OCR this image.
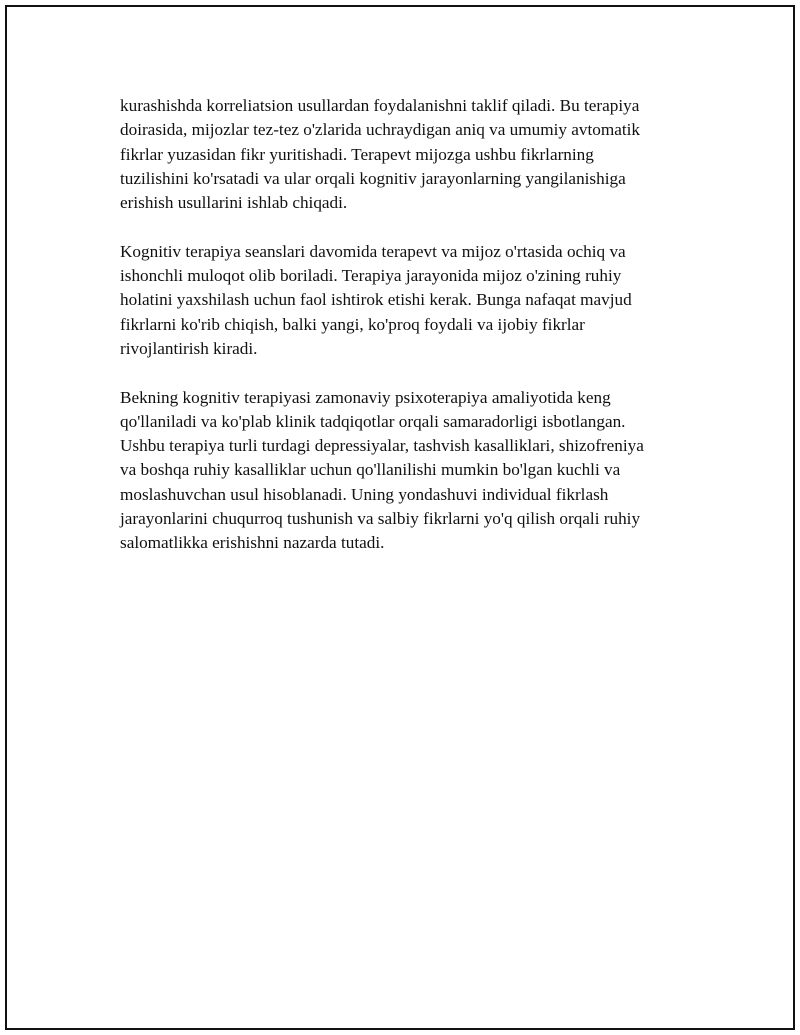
kurashishda korreliatsion usullardan foydalanishni taklif qiladi. Bu terapiya
doirasida, mijozlar tez-tez o'zlarida uchraydigan aniq va umumiy avtomatik
fikrlar yuzasidan fikr yuritishadi. Terapevt mijozga ushbu fikrlarning
tuzilishini ko'rsatadi va ular orqali kognitiv jarayonlarning yangilanishiga
erishish usullarini ishlab chiqadi.

Kognitiv terapiya seanslari davomida terapevt va mijoz o'rtasida ochiq va
ishonchli muloqot olib boriladi. Terapiya jarayonida mijoz o'zining ruhiy
holatini yaxshilash uchun faol ishtirok etishi kerak. Bunga nafaqat mavjud
fikrlarni ko'rib chiqish, balki yangi, ko'proq foydali va ijobiy fikrlar
rivojlantirish kiradi.

Bekning kognitiv terapiyasi zamonaviy psixoterapiya amaliyotida keng
qo'llaniladi va ko'plab klinik tadqiqotlar orqali samaradorligi isbotlangan.
Ushbu terapiya turli turdagi depressiyalar, tashvish kasalliklari, shizofreniya
va boshqa ruhiy kasalliklar uchun qo'llanilishi mumkin bo'lgan kuchli va
moslashuvchan usul hisoblanadi. Uning yondashuvi individual fikrlash
jarayonlarini chuqurroq tushunish va salbiy fikrlarni yo'q qilish orqali ruhiy
salomatlikka erishishni nazarda tutadi.
